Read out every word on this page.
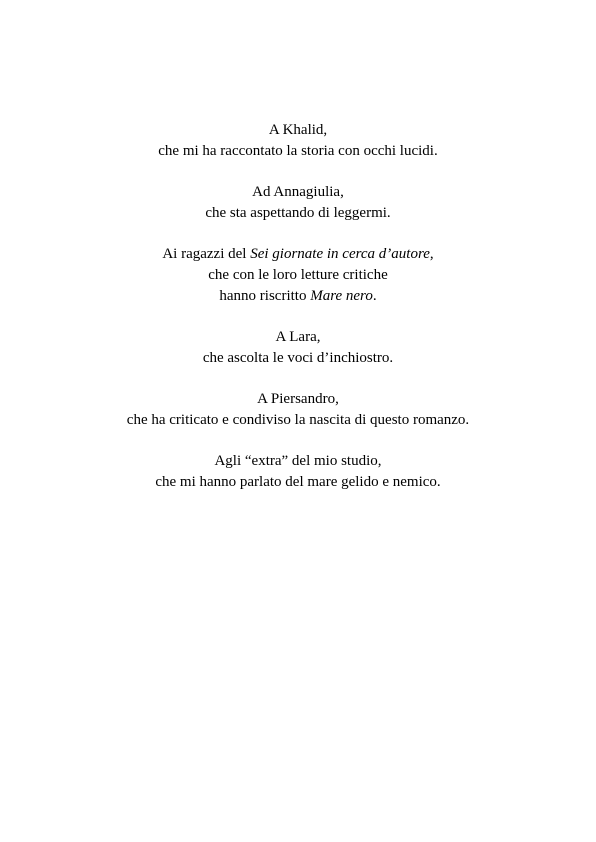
A Khalid,
che mi ha raccontato la storia con occhi lucidi.
Ad Annagiulia,
che sta aspettando di leggermi.
Ai ragazzi del Sei giornate in cerca d’autore,
che con le loro letture critiche
hanno riscritto Mare nero.
A Lara,
che ascolta le voci d’inchiostro.
A Piersandro,
che ha criticato e condiviso la nascita di questo romanzo.
Agli “extra” del mio studio,
che mi hanno parlato del mare gelido e nemico.
